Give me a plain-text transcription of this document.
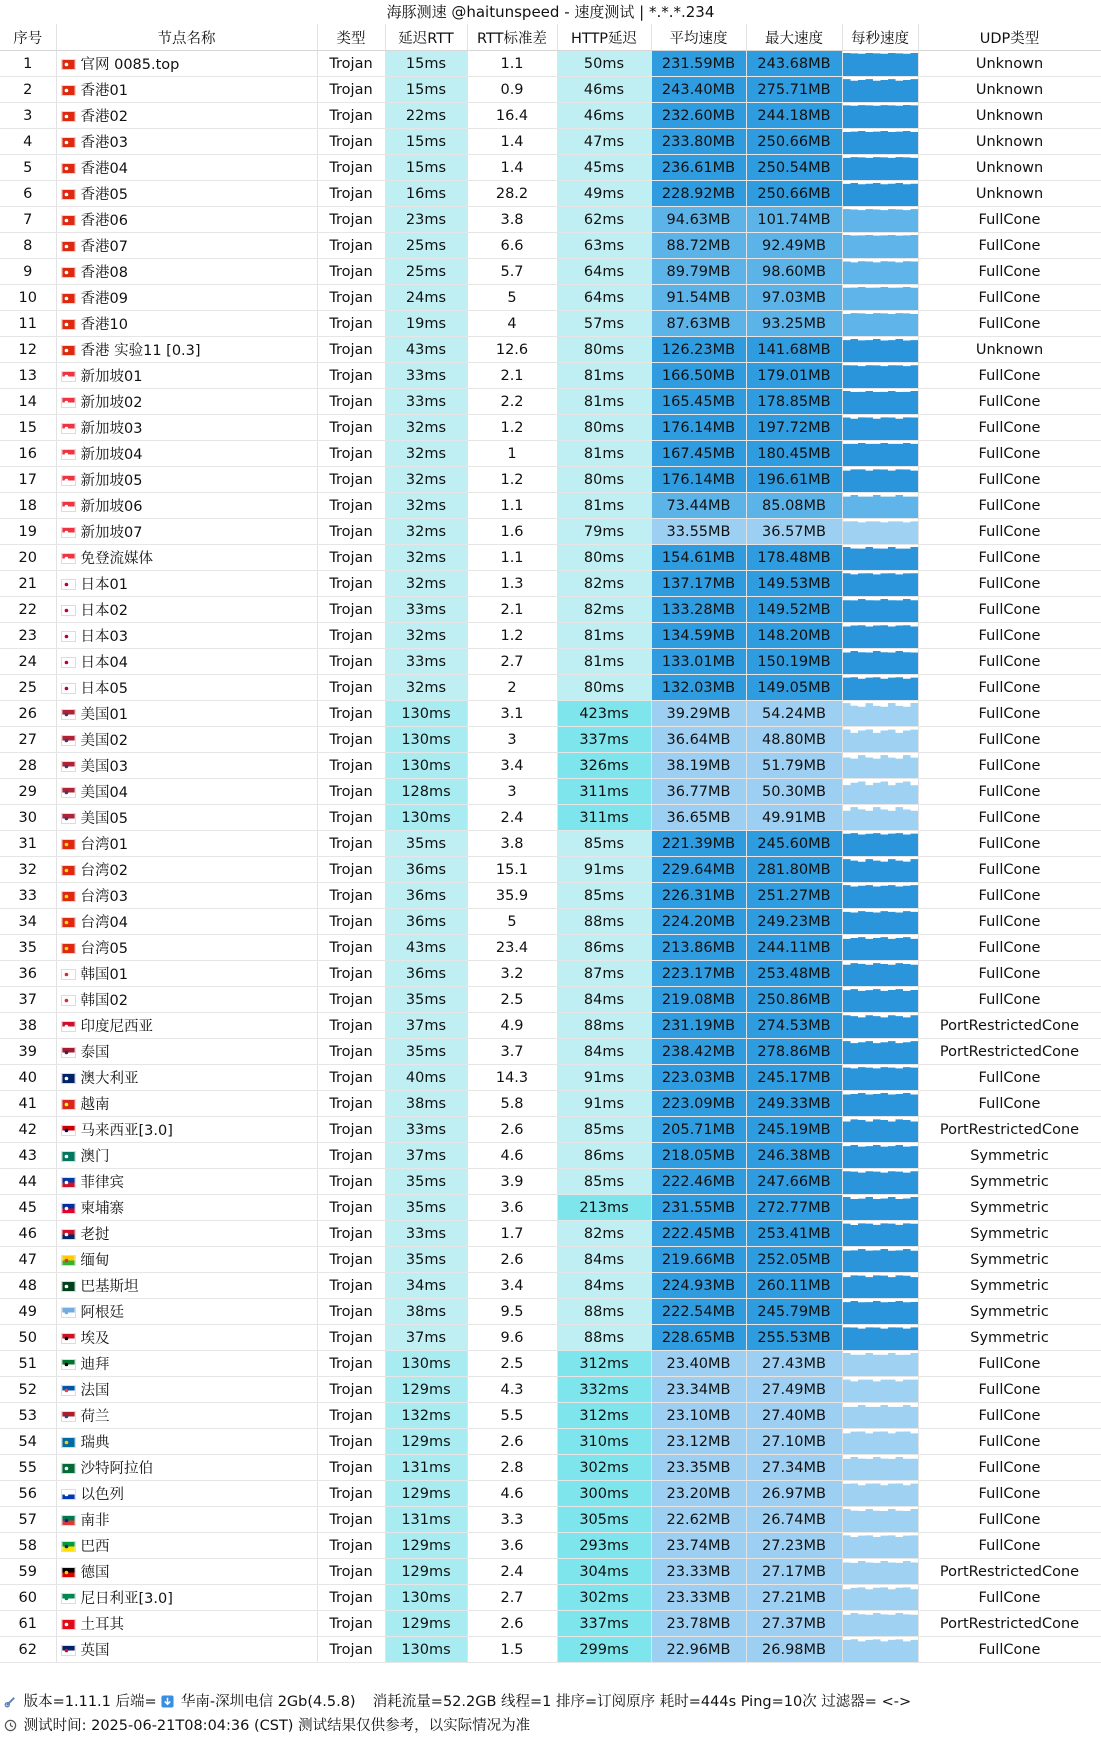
海豚测速 @haitunspeed - 速度测试 | *.*.*.234
序号	节点名称	类型	延迟RTT	RTT标准差	HTTP延迟	平均速度	最大速度	每秒速度	UDP类型
1	官网 0085.top	Trojan	15ms	1.1	50ms	231.59MB	243.68MB		Unknown
2	香港01	Trojan	15ms	0.9	46ms	243.40MB	275.71MB		Unknown
3	香港02	Trojan	22ms	16.4	46ms	232.60MB	244.18MB		Unknown
4	香港03	Trojan	15ms	1.4	47ms	233.80MB	250.66MB		Unknown
5	香港04	Trojan	15ms	1.4	45ms	236.61MB	250.54MB		Unknown
6	香港05	Trojan	16ms	28.2	49ms	228.92MB	250.66MB		Unknown
7	香港06	Trojan	23ms	3.8	62ms	94.63MB	101.74MB		FullCone
8	香港07	Trojan	25ms	6.6	63ms	88.72MB	92.49MB		FullCone
9	香港08	Trojan	25ms	5.7	64ms	89.79MB	98.60MB		FullCone
10	香港09	Trojan	24ms	5	64ms	91.54MB	97.03MB		FullCone
11	香港10	Trojan	19ms	4	57ms	87.63MB	93.25MB		FullCone
12	香港 实验11 [0.3]	Trojan	43ms	12.6	80ms	126.23MB	141.68MB		Unknown
13	新加坡01	Trojan	33ms	2.1	81ms	166.50MB	179.01MB		FullCone
14	新加坡02	Trojan	33ms	2.2	81ms	165.45MB	178.85MB		FullCone
15	新加坡03	Trojan	32ms	1.2	80ms	176.14MB	197.72MB		FullCone
16	新加坡04	Trojan	32ms	1	81ms	167.45MB	180.45MB		FullCone
17	新加坡05	Trojan	32ms	1.2	80ms	176.14MB	196.61MB		FullCone
18	新加坡06	Trojan	32ms	1.1	81ms	73.44MB	85.08MB		FullCone
19	新加坡07	Trojan	32ms	1.6	79ms	33.55MB	36.57MB		FullCone
20	免登流媒体	Trojan	32ms	1.1	80ms	154.61MB	178.48MB		FullCone
21	日本01	Trojan	32ms	1.3	82ms	137.17MB	149.53MB		FullCone
22	日本02	Trojan	33ms	2.1	82ms	133.28MB	149.52MB		FullCone
23	日本03	Trojan	32ms	1.2	81ms	134.59MB	148.20MB		FullCone
24	日本04	Trojan	33ms	2.7	81ms	133.01MB	150.19MB		FullCone
25	日本05	Trojan	32ms	2	80ms	132.03MB	149.05MB		FullCone
26	美国01	Trojan	130ms	3.1	423ms	39.29MB	54.24MB		FullCone
27	美国02	Trojan	130ms	3	337ms	36.64MB	48.80MB		FullCone
28	美国03	Trojan	130ms	3.4	326ms	38.19MB	51.79MB		FullCone
29	美国04	Trojan	128ms	3	311ms	36.77MB	50.30MB		FullCone
30	美国05	Trojan	130ms	2.4	311ms	36.65MB	49.91MB		FullCone
31	台湾01	Trojan	35ms	3.8	85ms	221.39MB	245.60MB		FullCone
32	台湾02	Trojan	36ms	15.1	91ms	229.64MB	281.80MB		FullCone
33	台湾03	Trojan	36ms	35.9	85ms	226.31MB	251.27MB		FullCone
34	台湾04	Trojan	36ms	5	88ms	224.20MB	249.23MB		FullCone
35	台湾05	Trojan	43ms	23.4	86ms	213.86MB	244.11MB		FullCone
36	韩国01	Trojan	36ms	3.2	87ms	223.17MB	253.48MB		FullCone
37	韩国02	Trojan	35ms	2.5	84ms	219.08MB	250.86MB		FullCone
38	印度尼西亚	Trojan	37ms	4.9	88ms	231.19MB	274.53MB		PortRestrictedCone
39	泰国	Trojan	35ms	3.7	84ms	238.42MB	278.86MB		PortRestrictedCone
40	澳大利亚	Trojan	40ms	14.3	91ms	223.03MB	245.17MB		FullCone
41	越南	Trojan	38ms	5.8	91ms	223.09MB	249.33MB		FullCone
42	马来西亚[3.0]	Trojan	33ms	2.6	85ms	205.71MB	245.19MB		PortRestrictedCone
43	澳门	Trojan	37ms	4.6	86ms	218.05MB	246.38MB		Symmetric
44	菲律宾	Trojan	35ms	3.9	85ms	222.46MB	247.66MB		Symmetric
45	柬埔寨	Trojan	35ms	3.6	213ms	231.55MB	272.77MB		Symmetric
46	老挝	Trojan	33ms	1.7	82ms	222.45MB	253.41MB		Symmetric
47	缅甸	Trojan	35ms	2.6	84ms	219.66MB	252.05MB		Symmetric
48	巴基斯坦	Trojan	34ms	3.4	84ms	224.93MB	260.11MB		Symmetric
49	阿根廷	Trojan	38ms	9.5	88ms	222.54MB	245.79MB		Symmetric
50	埃及	Trojan	37ms	9.6	88ms	228.65MB	255.53MB		Symmetric
51	迪拜	Trojan	130ms	2.5	312ms	23.40MB	27.43MB		FullCone
52	法国	Trojan	129ms	4.3	332ms	23.34MB	27.49MB		FullCone
53	荷兰	Trojan	132ms	5.5	312ms	23.10MB	27.40MB		FullCone
54	瑞典	Trojan	129ms	2.6	310ms	23.12MB	27.10MB		FullCone
55	沙特阿拉伯	Trojan	131ms	2.8	302ms	23.35MB	27.34MB		FullCone
56	以色列	Trojan	129ms	4.6	300ms	23.20MB	26.97MB		FullCone
57	南非	Trojan	131ms	3.3	305ms	22.62MB	26.74MB		FullCone
58	巴西	Trojan	129ms	3.6	293ms	23.74MB	27.23MB		FullCone
59	德国	Trojan	129ms	2.4	304ms	23.33MB	27.17MB		PortRestrictedCone
60	尼日利亚[3.0]	Trojan	130ms	2.7	302ms	23.33MB	27.21MB		FullCone
61	土耳其	Trojan	129ms	2.6	337ms	23.78MB	27.37MB		PortRestrictedCone
62	英国	Trojan	130ms	1.5	299ms	22.96MB	26.98MB		FullCone
版本=1.11.1 后端= 华南-深圳电信 2Gb(4.5.8) 消耗流量=52.2GB 线程=1 排序=订阅原序 耗时=444s Ping=10次 过滤器= <->
测试时间: 2025-06-21T08:04:36 (CST) 测试结果仅供参考，以实际情况为准
